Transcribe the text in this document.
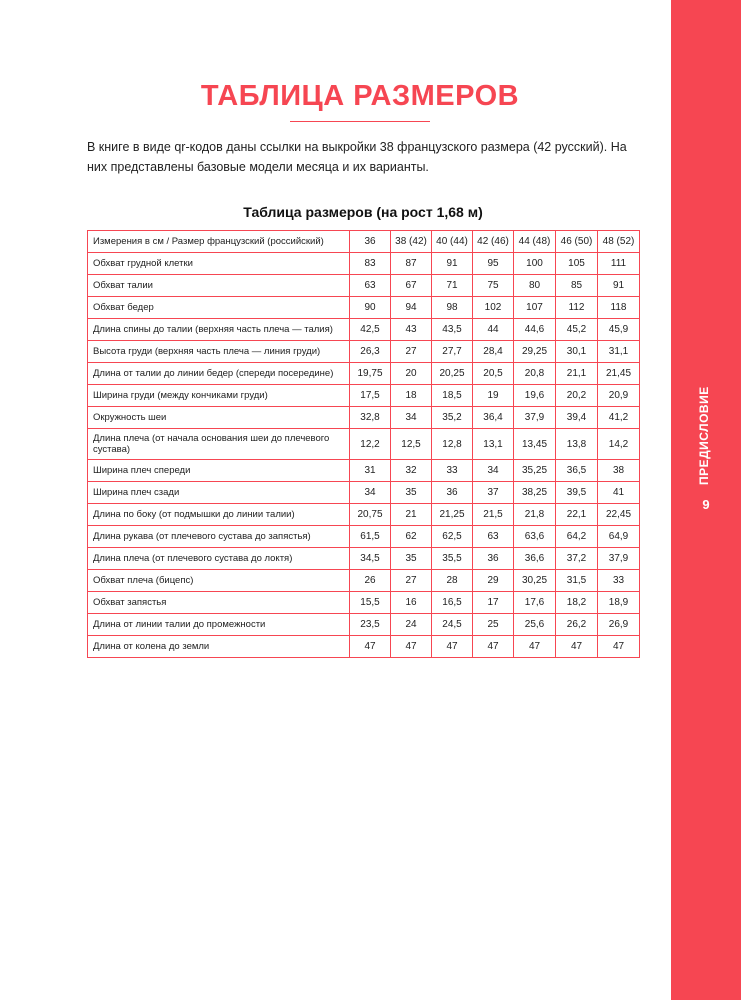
ПРЕДИСЛОВИЕ
9
ТАБЛИЦА РАЗМЕРОВ
В книге в виде qr-кодов даны ссылки на выкройки 38 французского размера (42 русский). На них представлены базовые модели месяца и их варианты.
Таблица размеров (на рост 1,68 м)
Измерения в см / Размер французский (российский)	36	38 (42)	40 (44)	42 (46)	44 (48)	46 (50)	48 (52)
Обхват грудной клетки	83	87	91	95	100	105	111
Обхват талии	63	67	71	75	80	85	91
Обхват бедер	90	94	98	102	107	112	118
Длина спины до талии (верхняя часть плеча — талия)	42,5	43	43,5	44	44,6	45,2	45,9
Высота груди (верхняя часть плеча — линия груди)	26,3	27	27,7	28,4	29,25	30,1	31,1
Длина от талии до линии бедер (спереди посередине)	19,75	20	20,25	20,5	20,8	21,1	21,45
Ширина груди (между кончиками груди)	17,5	18	18,5	19	19,6	20,2	20,9
Окружность шеи	32,8	34	35,2	36,4	37,9	39,4	41,2
Длина плеча (от начала основания шеи до плечевого сустава)	12,2	12,5	12,8	13,1	13,45	13,8	14,2
Ширина плеч спереди	31	32	33	34	35,25	36,5	38
Ширина плеч сзади	34	35	36	37	38,25	39,5	41
Длина по боку (от подмышки до линии талии)	20,75	21	21,25	21,5	21,8	22,1	22,45
Длина рукава (от плечевого сустава до запястья)	61,5	62	62,5	63	63,6	64,2	64,9
Длина плеча (от плечевого сустава до локтя)	34,5	35	35,5	36	36,6	37,2	37,9
Обхват плеча (бицепс)	26	27	28	29	30,25	31,5	33
Обхват запястья	15,5	16	16,5	17	17,6	18,2	18,9
Длина от линии талии до промежности	23,5	24	24,5	25	25,6	26,2	26,9
Длина от колена до земли	47	47	47	47	47	47	47
